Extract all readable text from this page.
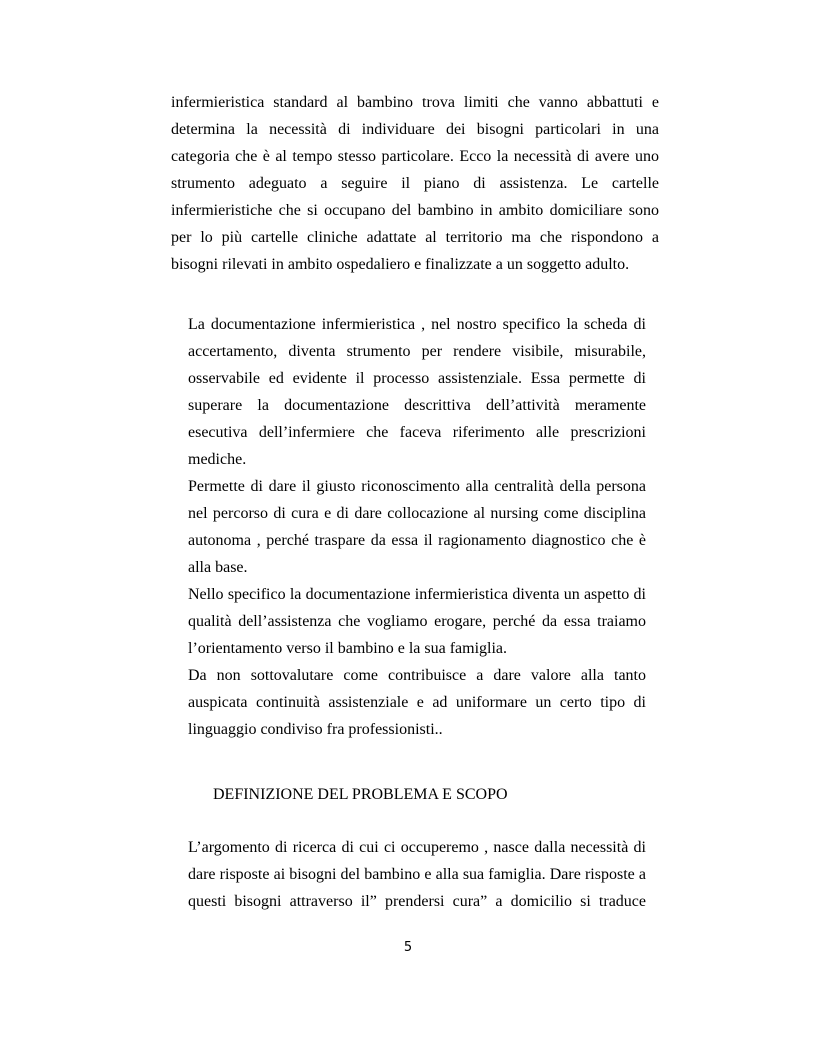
infermieristica standard al bambino trova limiti che vanno abbattuti e
determina la necessità di individuare dei bisogni particolari in una
categoria che è al tempo stesso particolare. Ecco la necessità di avere uno
strumento adeguato a seguire il piano di assistenza. Le cartelle
infermieristiche che si occupano del bambino in ambito domiciliare sono
per lo più cartelle cliniche adattate al territorio ma che rispondono a
bisogni rilevati in ambito ospedaliero e finalizzate a un soggetto adulto.
La documentazione infermieristica , nel nostro specifico la scheda di
accertamento, diventa strumento per rendere visibile, misurabile,
osservabile ed evidente il processo assistenziale. Essa permette di
superare la documentazione descrittiva dell’attività meramente
esecutiva dell’infermiere che faceva riferimento alle prescrizioni
mediche.
Permette di dare il giusto riconoscimento alla centralità della persona
nel percorso di cura e di dare collocazione al nursing come disciplina
autonoma , perché traspare da essa il ragionamento diagnostico che è
alla base.
Nello specifico la documentazione infermieristica diventa un aspetto di
qualità dell’assistenza che vogliamo erogare, perché da essa traiamo
l’orientamento verso il bambino e la sua famiglia.
Da non sottovalutare come contribuisce a dare valore alla tanto
auspicata continuità assistenziale e ad uniformare un certo tipo di
linguaggio condiviso fra professionisti..
DEFINIZIONE DEL PROBLEMA E SCOPO
L’argomento di ricerca di cui ci occuperemo , nasce dalla necessità di
dare risposte ai bisogni del bambino e alla sua famiglia. Dare risposte a
questi bisogni attraverso il” prendersi cura” a domicilio si traduce
5
